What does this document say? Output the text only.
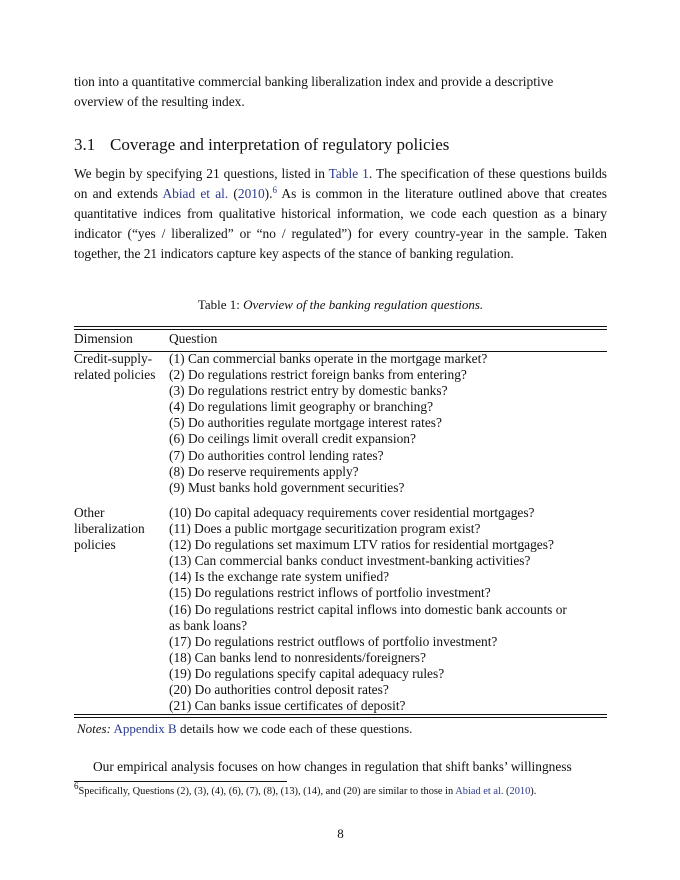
tion into a quantitative commercial banking liberalization index and provide a descriptive
overview of the resulting index.
3.1 Coverage and interpretation of regulatory policies
We begin by specifying 21 questions, listed in Table 1. The specification of these questions builds on and extends Abiad et al. (2010).$^6$ As is common in the literature outlined above that creates quantitative indices from qualitative historical information, we code each question as a binary indicator (“yes / liberalized” or “no / regulated”) for every country-year in the sample. Taken together, the 21 indicators capture key aspects of the stance of banking regulation.
Table 1: Overview of the banking regulation questions.
Dimension	Question
Credit-supply-
related policies
(1) Can commercial banks operate in the mortgage market?
(2) Do regulations restrict foreign banks from entering?
(3) Do regulations restrict entry by domestic banks?
(4) Do regulations limit geography or branching?
(5) Do authorities regulate mortgage interest rates?
(6) Do ceilings limit overall credit expansion?
(7) Do authorities control lending rates?
(8) Do reserve requirements apply?
(9) Must banks hold government securities?
Other
liberalization
policies
(10) Do capital adequacy requirements cover residential mortgages?
(11) Does a public mortgage securitization program exist?
(12) Do regulations set maximum LTV ratios for residential mortgages?
(13) Can commercial banks conduct investment-banking activities?
(14) Is the exchange rate system unified?
(15) Do regulations restrict inflows of portfolio investment?
(16) Do regulations restrict capital inflows into domestic bank accounts or
as bank loans?
(17) Do regulations restrict outflows of portfolio investment?
(18) Can banks lend to nonresidents/foreigners?
(19) Do regulations specify capital adequacy rules?
(20) Do authorities control deposit rates?
(21) Can banks issue certificates of deposit?
Notes: Appendix B details how we code each of these questions.
Our empirical analysis focuses on how changes in regulation that shift banks’ willingness
$^6$Specifically, Questions (2), (3), (4), (6), (7), (8), (13), (14), and (20) are similar to those in Abiad et al. (2010).
8
